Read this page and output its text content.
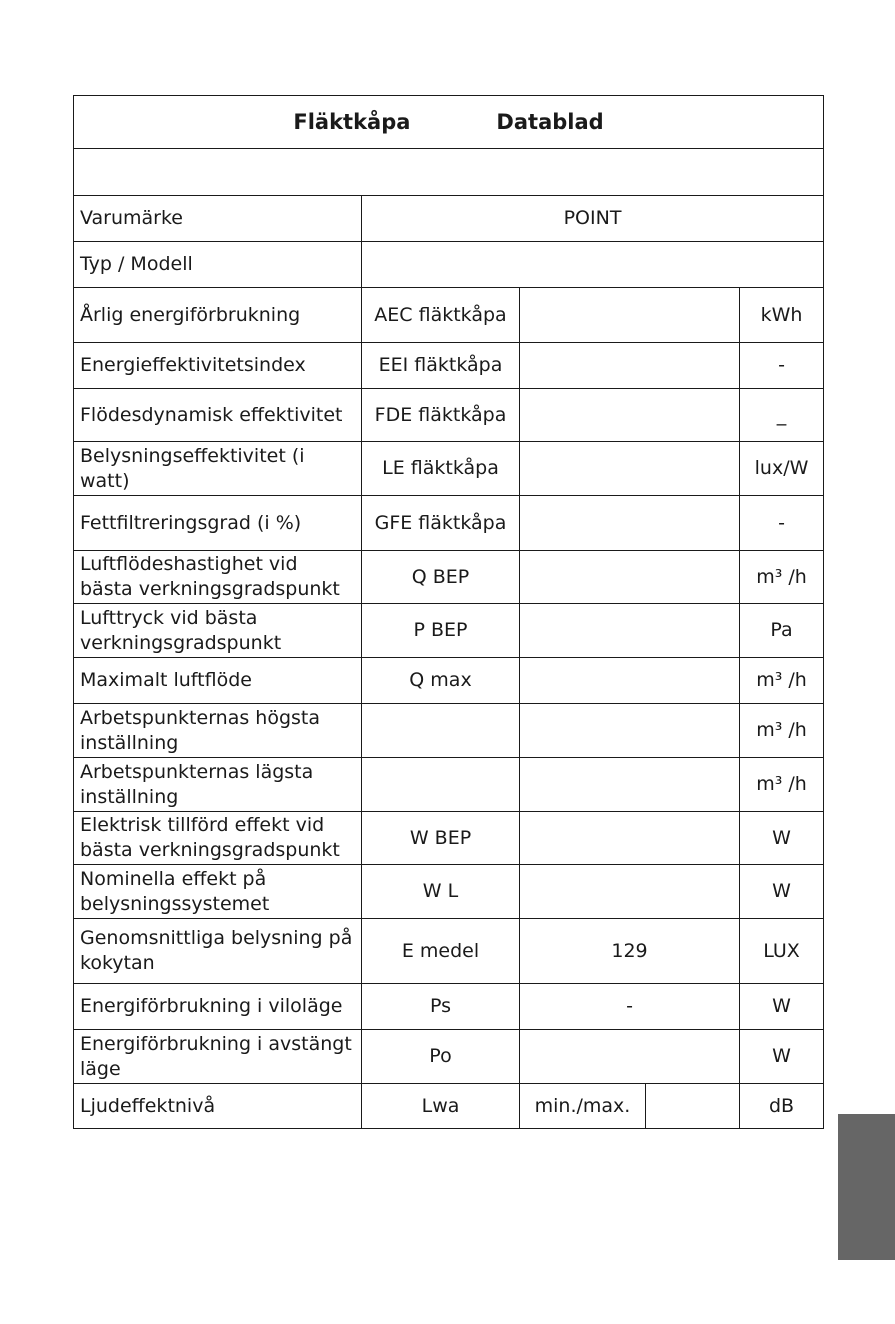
Fläktkåpa Datablad				

Varumärke	POINT			
Typ / Modell				
Årlig energiförbrukning	AEC fläktkåpa			kWh
Energieffektivitetsindex	EEI fläktkåpa			-
Flödesdynamisk effektivitet	FDE fläktkåpa			_
Belysningseffektivitet (i watt)	LE fläktkåpa			lux/W
Fettfiltreringsgrad (i %)	GFE fläktkåpa			-
Luftflödeshastighet vid bästa verkningsgradspunkt	Q BEP			m³ /h
Lufttryck vid bästa verkningsgradspunkt	P BEP			Pa
Maximalt luftflöde	Q max			m³ /h
Arbetspunkternas högsta inställning				m³ /h
Arbetspunkternas lägsta inställning				m³ /h
Elektrisk tillförd effekt vid bästa verkningsgradspunkt	W BEP			W
Nominella effekt på belysningssystemet	W L			W
Genomsnittliga belysning på kokytan	E medel	129		LUX
Energiförbrukning i viloläge	Ps	-		W
Energiförbrukning i avstängt läge	Po			W
Ljudeffektnivå	Lwa	min./max.		dB
